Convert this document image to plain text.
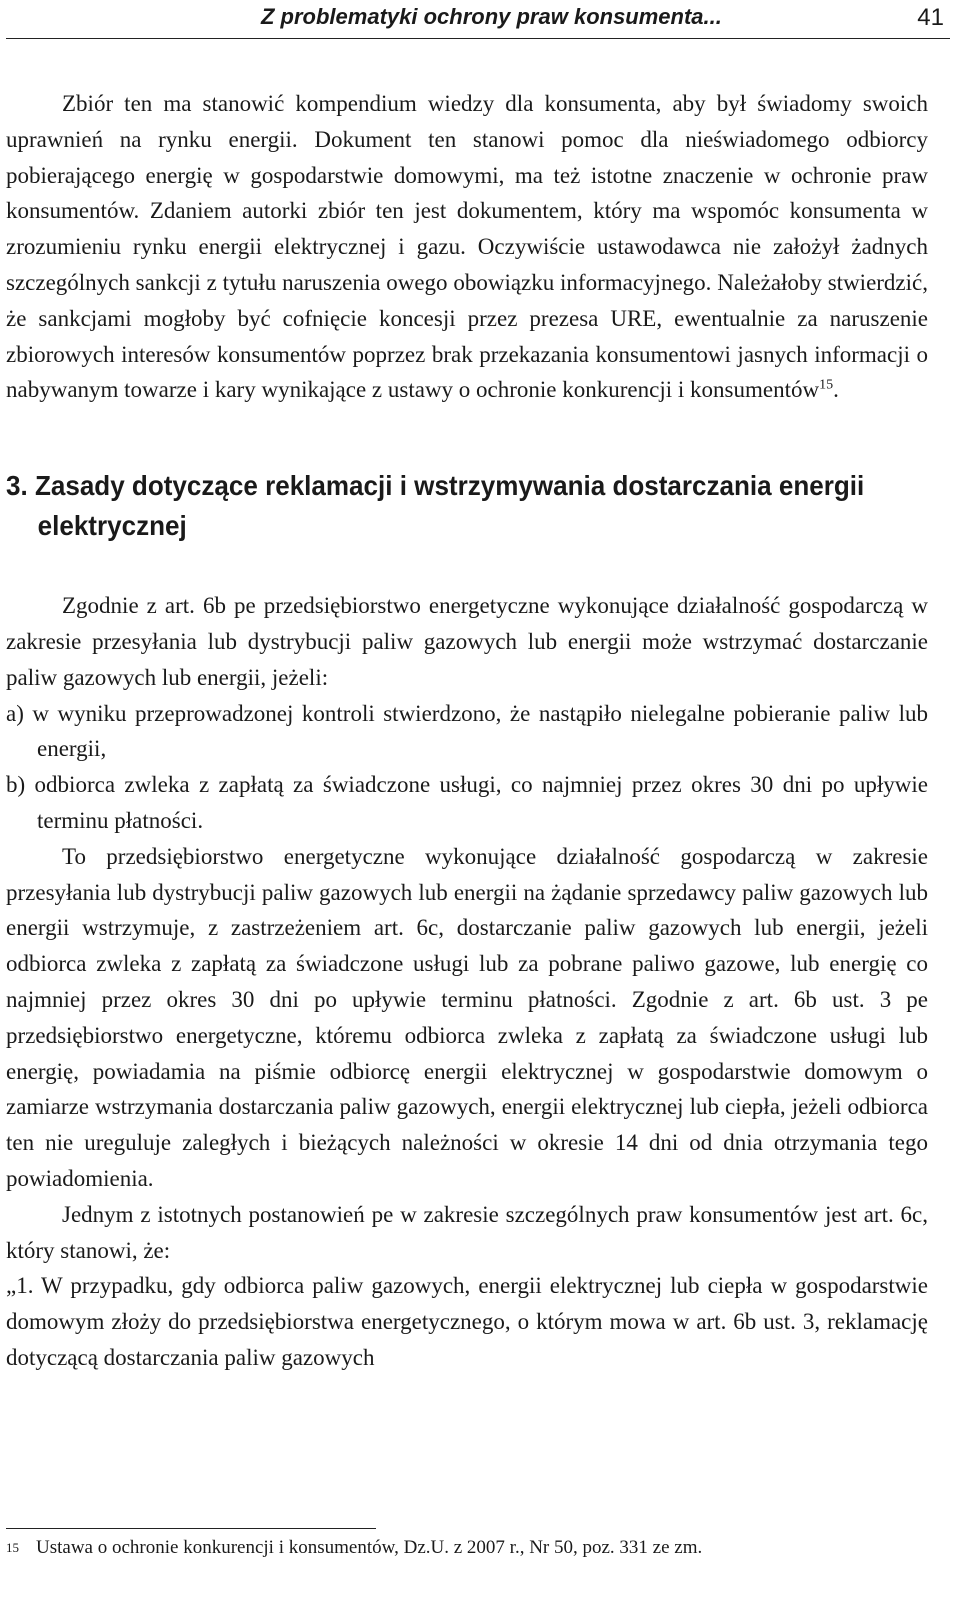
Z problematyki ochrony praw konsumenta...	41

Zbiór ten ma stanowić kompendium wiedzy dla konsumenta, aby był świadomy swoich uprawnień na rynku energii. Dokument ten stanowi pomoc dla nieświadomego odbiorcy pobierającego energię w gospodarstwie domowymi, ma też istotne znaczenie w ochronie praw konsumentów. Zdaniem autorki zbiór ten jest dokumentem, który ma wspomóc konsumenta w zrozumieniu rynku energii elektrycznej i gazu. Oczywiście ustawodawca nie założył żadnych szczególnych sankcji z tytułu naruszenia owego obowiązku informacyjnego. Należałoby stwierdzić, że sankcjami mogłoby być cofnięcie koncesji przez prezesa URE, ewentualnie za naruszenie zbiorowych interesów konsumentów poprzez brak przekazania konsumentowi jasnych informacji o nabywanym towarze i kary wynikające z ustawy o ochronie konkurencji i konsumentów$^{15}$.

3. Zasady dotyczące reklamacji i wstrzymywania dostarczania energii elektrycznej

Zgodnie z art. 6b pe przedsiębiorstwo energetyczne wykonujące działalność gospodarczą w zakresie przesyłania lub dystrybucji paliw gazowych lub energii może wstrzymać dostarczanie paliw gazowych lub energii, jeżeli:

a) w wyniku przeprowadzonej kontroli stwierdzono, że nastąpiło nielegalne pobieranie paliw lub energii,

b) odbiorca zwleka z zapłatą za świadczone usługi, co najmniej przez okres 30 dni po upływie terminu płatności.

To przedsiębiorstwo energetyczne wykonujące działalność gospodarczą w zakresie przesyłania lub dystrybucji paliw gazowych lub energii na żądanie sprzedawcy paliw gazowych lub energii wstrzymuje, z zastrzeżeniem art. 6c, dostarczanie paliw gazowych lub energii, jeżeli odbiorca zwleka z zapłatą za świadczone usługi lub za pobrane paliwo gazowe, lub energię co najmniej przez okres 30 dni po upływie terminu płatności. Zgodnie z art. 6b ust. 3 pe przedsiębiorstwo energetyczne, któremu odbiorca zwleka z zapłatą za świadczone usługi lub energię, powiadamia na piśmie odbiorcę energii elektrycznej w gospodarstwie domowym o zamiarze wstrzymania dostarczania paliw gazowych, energii elektrycznej lub ciepła, jeżeli odbiorca ten nie ureguluje zaległych i bieżących należności w okresie 14 dni od dnia otrzymania tego powiadomienia.

Jednym z istotnych postanowień pe w zakresie szczególnych praw konsumentów jest art. 6c, który stanowi, że:

„1. W przypadku, gdy odbiorca paliw gazowych, energii elektrycznej lub ciepła w gospodarstwie domowym złoży do przedsiębiorstwa energetycznego, o którym mowa w art. 6b ust. 3, reklamację dotyczącą dostarczania paliw gazowych

15 Ustawa o ochronie konkurencji i konsumentów, Dz.U. z 2007 r., Nr 50, poz. 331 ze zm.
